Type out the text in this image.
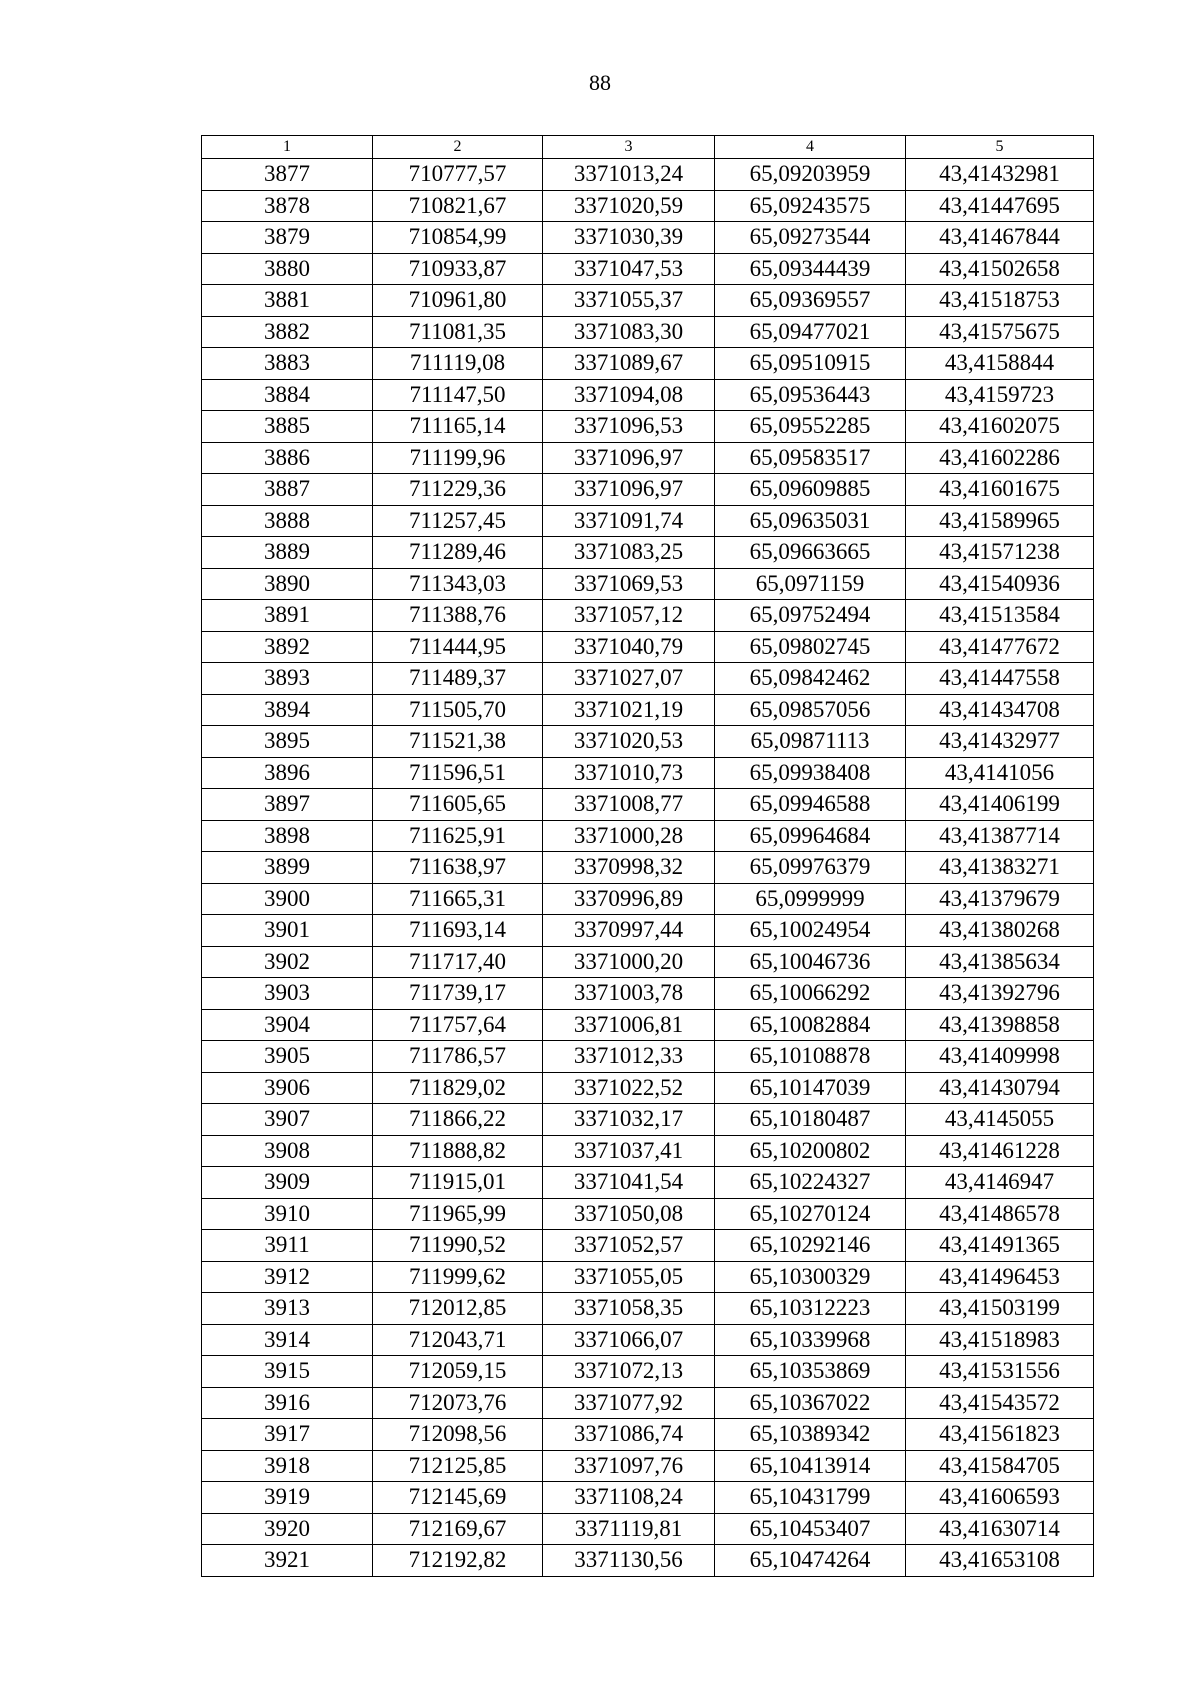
88
1	2	3	4	5
3877	710777,57	3371013,24	65,09203959	43,41432981
3878	710821,67	3371020,59	65,09243575	43,41447695
3879	710854,99	3371030,39	65,09273544	43,41467844
3880	710933,87	3371047,53	65,09344439	43,41502658
3881	710961,80	3371055,37	65,09369557	43,41518753
3882	711081,35	3371083,30	65,09477021	43,41575675
3883	711119,08	3371089,67	65,09510915	43,4158844
3884	711147,50	3371094,08	65,09536443	43,4159723
3885	711165,14	3371096,53	65,09552285	43,41602075
3886	711199,96	3371096,97	65,09583517	43,41602286
3887	711229,36	3371096,97	65,09609885	43,41601675
3888	711257,45	3371091,74	65,09635031	43,41589965
3889	711289,46	3371083,25	65,09663665	43,41571238
3890	711343,03	3371069,53	65,0971159	43,41540936
3891	711388,76	3371057,12	65,09752494	43,41513584
3892	711444,95	3371040,79	65,09802745	43,41477672
3893	711489,37	3371027,07	65,09842462	43,41447558
3894	711505,70	3371021,19	65,09857056	43,41434708
3895	711521,38	3371020,53	65,09871113	43,41432977
3896	711596,51	3371010,73	65,09938408	43,4141056
3897	711605,65	3371008,77	65,09946588	43,41406199
3898	711625,91	3371000,28	65,09964684	43,41387714
3899	711638,97	3370998,32	65,09976379	43,41383271
3900	711665,31	3370996,89	65,0999999	43,41379679
3901	711693,14	3370997,44	65,10024954	43,41380268
3902	711717,40	3371000,20	65,10046736	43,41385634
3903	711739,17	3371003,78	65,10066292	43,41392796
3904	711757,64	3371006,81	65,10082884	43,41398858
3905	711786,57	3371012,33	65,10108878	43,41409998
3906	711829,02	3371022,52	65,10147039	43,41430794
3907	711866,22	3371032,17	65,10180487	43,4145055
3908	711888,82	3371037,41	65,10200802	43,41461228
3909	711915,01	3371041,54	65,10224327	43,4146947
3910	711965,99	3371050,08	65,10270124	43,41486578
3911	711990,52	3371052,57	65,10292146	43,41491365
3912	711999,62	3371055,05	65,10300329	43,41496453
3913	712012,85	3371058,35	65,10312223	43,41503199
3914	712043,71	3371066,07	65,10339968	43,41518983
3915	712059,15	3371072,13	65,10353869	43,41531556
3916	712073,76	3371077,92	65,10367022	43,41543572
3917	712098,56	3371086,74	65,10389342	43,41561823
3918	712125,85	3371097,76	65,10413914	43,41584705
3919	712145,69	3371108,24	65,10431799	43,41606593
3920	712169,67	3371119,81	65,10453407	43,41630714
3921	712192,82	3371130,56	65,10474264	43,41653108
